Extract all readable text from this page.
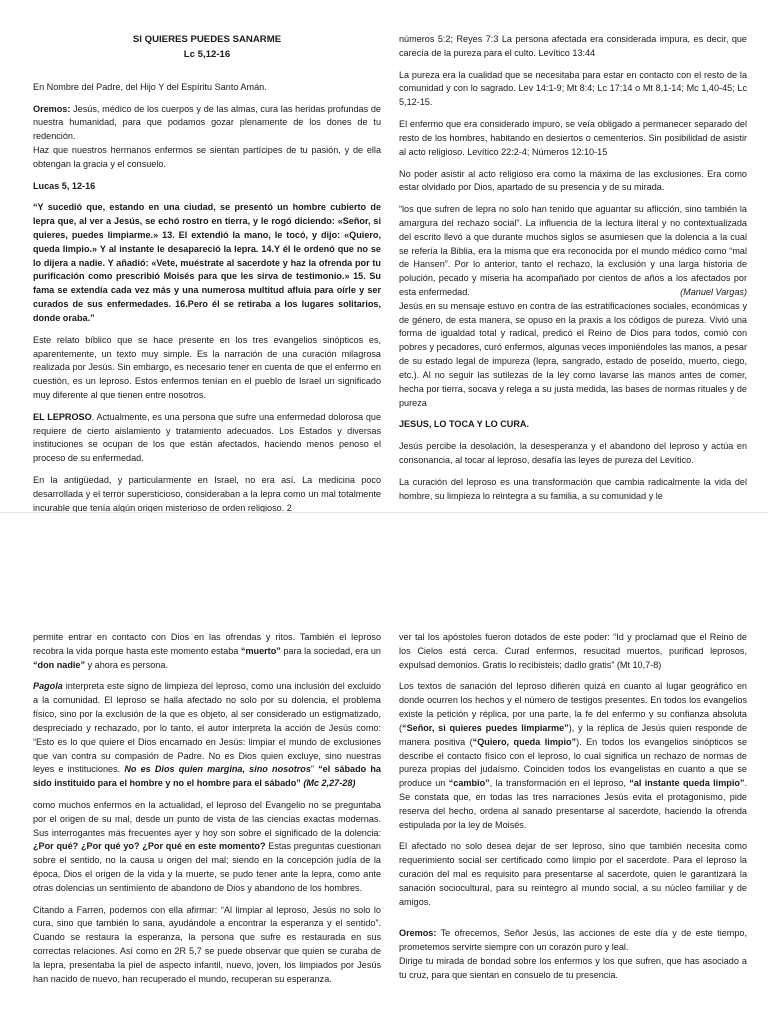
SI QUIERES PUEDES SANARME
Lc 5,12-16

En Nombre del Padre, del Hijo Y del Espíritu Santo Amán.

Oremos: Jesús, médico de los cuerpos y de las almas, cura las heridas profundas de nuestra humanidad, para que podamos gozar plenamente de los dones de tu redención.

Haz que nuestros hermanos enfermos se sientan partícipes de tu pasión, y de ella obtengan la gracia y el consuelo.

Lucas 5, 12-16

“Y sucedió que, estando en una ciudad, se presentó un hombre cubierto de lepra que, al ver a Jesús, se echó rostro en tierra, y le rogó diciendo: «Señor, si quieres, puedes limpiarme.» 13. El extendió la mano, le tocó, y dijo: «Quiero, queda limpio.» Y al instante le desapareció la lepra. 14.Y él le ordenó que no se lo dijera a nadie. Y añadió: «Vete, muéstrate al sacerdote y haz la ofrenda por tu purificación como prescribió Moisés para que les sirva de testimonio.» 15. Su fama se extendía cada vez más y una numerosa multitud afluía para oírle y ser curados de sus enfermedades. 16.Pero él se retiraba a los lugares solitarios, donde oraba.”

Este relato bíblico que se hace presente en los tres evangelios sinópticos es, aparentemente, un texto muy simple. Es la narración de una curación milagrosa realizada por Jesús. Sin embargo, es necesario tener en cuenta de que el enfermo en cuestión, es un leproso. Estos enfermos tenían en el pueblo de Israel un significado muy diferente al que tienen entre nosotros.

EL LEPROSO. Actualmente, es una persona que sufre una enfermedad dolorosa que requiere de cierto aislamiento y tratamiento adecuados. Los Estados y diversas instituciones se ocupan de los que están afectados, haciendo menos penoso el proceso de su enfermedad.

En la antigüedad, y particularmente en Israel, no era así. La medicina poco desarrollada y el terror supersticioso, consideraban a la lepra como un mal totalmente incurable que tenía algún origen misterioso de orden religioso. 2

números 5:2; Reyes 7:3 La persona afectada era considerada impura, es decir, que carecía de la pureza para el culto. Levítico 13:44

La pureza era la cualidad que se necesitaba para estar en contacto con el resto de la comunidad y con lo sagrado. Lev 14:1-9; Mt 8:4; Lc 17:14 o Mt 8,1-14; Mc 1,40-45; Lc 5,12-15.

El enfermo que era considerado impuro, se veía obligado a permanecer separado del resto de los hombres, habitando en desiertos o cementerios. Sin posibilidad de asistir al acto religioso. Levítico 22:2-4; Números 12:10-15

No poder asistir al acto religioso era como la máxima de las exclusiones. Era como estar olvidado por Dios, apartado de su presencia y de su mirada.

“los que sufren de lepra no solo han tenido que aguantar su aflicción, sino también la amargura del rechazo social”. La influencia de la lectura literal y no contextualizada del escrito llevó a que durante muchos siglos se asumiesen que la dolencia a la cual se refería la Biblia, era la misma que era reconocida por el mundo médico como “mal de Hansen”. Por lo anterior, tanto el rechazo, la exclusión y una larga historia de polución, pecado y miseria ha acompañado por cientos de años a los afectados por esta enfermedad.	(Manuel Vargas)

Jesús en su mensaje estuvo en contra de las estratificaciones sociales, económicas y de género, de esta manera, se opuso en la praxis a los códigos de pureza. Vivió una forma de igualdad total y radical, predicó el Reino de Dios para todos, comió con pobres y pecadores, curó enfermos, algunas veces imponiéndoles las manos, a pesar de su estado legal de impureza (lepra, sangrado, estado de poseído, muerto, ciego, etc.). Al no seguir las sutilezas de la ley como lavarse las manos antes de comer, hecha por tierra, socava y relega a su justa medida, las bases de normas rituales y de pureza

JESUS, LO TOCA Y LO CURA.

Jesús percibe la desolación, la desesperanza y el abandono del leproso y actúa en consonancia, al tocar al leproso, desafía las leyes de pureza del Levítico.

La curación del leproso es una transformación que cambia radicalmente la vida del hombre, su limpieza lo reintegra a su familia, a su comunidad y le

permite entrar en contacto con Dios en las ofrendas y ritos. También el leproso recobra la vida porque hasta este momento estaba “muerto” para la sociedad, era un “don nadie” y ahora es persona.

Pagola interpreta este signo de limpieza del leproso, como una inclusión del excluido a la comunidad. El leproso se halla afectado no solo por su dolencia, el problema físico, sino por la exclusión de la que es objeto, al ser considerado un estigmatizado, despreciado y rechazado, por lo tanto, el autor interpreta la acción de Jesús como: “Esto es lo que quiere el Dios encarnado en Jesús: limpiar el mundo de exclusiones que van contra su compasión de Padre. No es Dios quien excluye, sino nuestras leyes e instituciones. No es Dios quien margina, sino nosotros” “el sábado ha sido instituido para el hombre y no el hombre para el sábado” (Mc 2,27-28)

como muchos enfermos en la actualidad, el leproso del Evangelio no se preguntaba por el origen de su mal, desde un punto de vista de las ciencias exactas modernas. Sus interrogantes más frecuentes ayer y hoy son sobre el significado de la dolencia: ¿Por qué? ¿Por qué yo? ¿Por qué en este momento? Estas preguntas cuestionan sobre el sentido, no la causa u origen del mal; siendo en la concepción judía de la época, Dios el origen de la vida y la muerte, se pudo tener ante la lepra, como ante otras dolencias un sentimiento de abandono de Dios y abandono de los hombres.

Citando a Farren, podemos con ella afirmar: “Al limpiar al leproso, Jesús no solo lo cura, sino que también lo sana, ayudándole a encontrar la esperanza y el sentido”. Cuando se restaura la esperanza, la persona que sufre es restaurada en sus correctas relaciones. Así como en 2R 5,7 se puede observar que quien se curaba de la lepra, presentaba la piel de aspecto infantil, nuevo, joven, los limpiados por Jesús han nacido de nuevo, han recuperado el mundo, recuperan su esperanza.

ver tal los apóstoles fueron dotados de este poder: “Id y proclamad que el Reino de los Cielos está cerca. Curad enfermos, resucitad muertos, purificad leprosos, expulsad demonios. Gratis lo recibisteis; dadlo gratis” (Mt 10,7-8)

Los textos de sanación del leproso difieren quizá en cuanto al lugar geográfico en donde ocurren los hechos y el número de testigos presentes. En todos los evangelios existe la petición y réplica, por una parte, la fe del enfermo y su confianza absoluta (“Señor, si quieres puedes limpiarme”), y la réplica de Jesús quien responde de manera positiva (“Quiero, queda limpio”). En todos los evangelios sinópticos se describe el contacto físico con el leproso, lo cual significa un rechazo de normas de pureza propias del judaísmo. Coinciden todos los evangelistas en cuanto a que se produce un “cambio”, la transformación en el leproso, “al instante queda limpio”. Se constata que, en todas las tres narraciones Jesús evita el protagonismo, pide reserva del hecho, ordena al sanado presentarse al sacerdote, haciendo la ofrenda estipulada por la ley de Moisés.

El afectado no solo desea dejar de ser leproso, sino que también necesita como requerimiento social ser certificado como limpio por el sacerdote. Para el leproso la curación del mal es requisito para presentarse al sacerdote, quien le garantizará la sanación sociocultural, para su reintegro al mundo social, a su núcleo familiar y de amigos.

Oremos: Te ofrecemos, Señor Jesús, las acciones de este día y de este tiempo, prometemos servirte siempre con un corazón puro y leal.

Dirige tu mirada de bondad sobre los enfermos y los que sufren, que has asociado a tu cruz, para que sientan en consuelo de tu presencia.
